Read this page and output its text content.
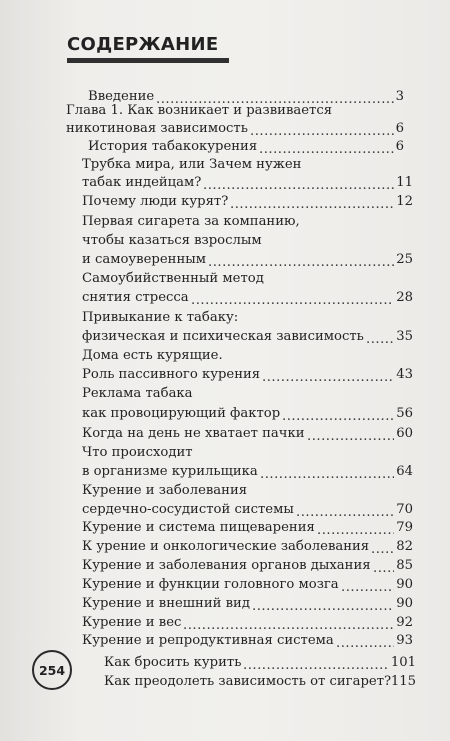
СОДЕРЖАНИЕ
Введение	3
.....
Глава 1. Как возникает и развивается
никотиновая зависимость	6
.....
История табакокурения	6
.....
Трубка мира, или Зачем нужен
табак индейцам?	11
.....
Почему люди курят?	12
.....
Первая сигарета за компанию,
чтобы казаться взрослым
и самоуверенным	25
.....
Самоубийственный метод
снятия стресса	28
.....
Привыкание к табаку:
физическая и психическая зависимость 35
.....
Дома есть курящие.
Роль пассивного курения	43
.....
Реклама табака
как провоцирующий фактор	56
.....
Когда на день не хватает пачки	60
.....
Что происходит
в организме курильщика	64
.....
Курение и заболевания
сердечно-сосудистой системы	70
.....
Курение и система пищеварения	79
.....
К урение и онкологические заболевания 82
.....
Курение и заболевания органов дыхания 85
.....
Курение и функции головного мозга	90
.....
Курение и внешний вид	90
.....
Курение и вес	92
.....
Курение и репродуктивная система	93
.....
Как бросить курить	101
.....
Как преодолеть зависимость от сигарет? 115
254
